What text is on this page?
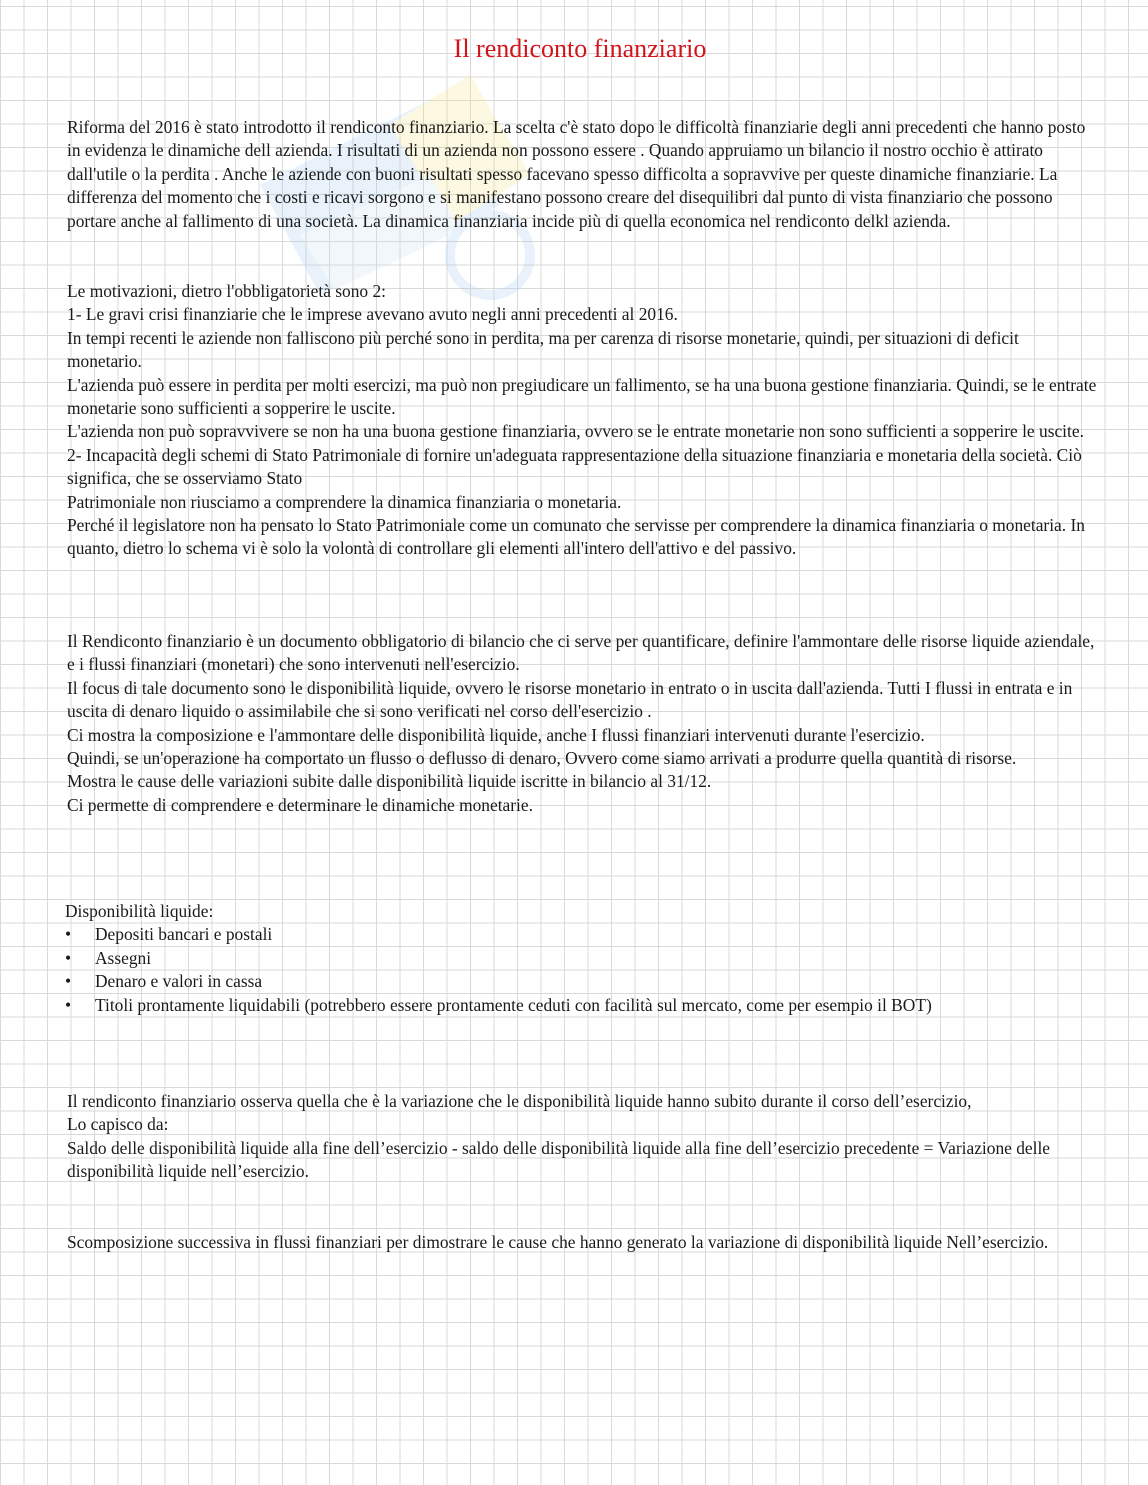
Il rendiconto finanziario

Riforma del 2016 è stato introdotto il rendiconto finanziario. La scelta c'è stato dopo le difficoltà finanziarie degli anni precedenti che hanno posto in evidenza le dinamiche dell azienda. I risultati di un azienda non possono essere . Quando appruiamo un bilancio il nostro occhio è attirato dall'utile o la perdita . Anche le aziende con buoni risultati spesso facevano spesso difficolta a sopravvive per queste dinamiche finanziarie. La differenza del momento che i costi e ricavi sorgono e si manifestano possono creare del disequilibri dal punto di vista finanziario che possono portare anche al fallimento di una società. La dinamica finanziaria incide più di quella economica nel rendiconto delkl azienda.

Le motivazioni, dietro l'obbligatorietà sono 2:

1- Le gravi crisi finanziarie che le imprese avevano avuto negli anni precedenti al 2016.

In tempi recenti le aziende non falliscono più perché sono in perdita, ma per carenza di risorse monetarie, quindi, per situazioni di deficit monetario.

L'azienda può essere in perdita per molti esercizi, ma può non pregiudicare un fallimento, se ha una buona gestione finanziaria. Quindi, se le entrate monetarie sono sufficienti a sopperire le uscite.

L'azienda non può sopravvivere se non ha una buona gestione finanziaria, ovvero se le entrate monetarie non sono sufficienti a sopperire le uscite.

2- Incapacità degli schemi di Stato Patrimoniale di fornire un'adeguata rappresentazione della situazione finanziaria e monetaria della società. Ciò significa, che se osserviamo Stato

Patrimoniale non riusciamo a comprendere la dinamica finanziaria o monetaria.

Perché il legislatore non ha pensato lo Stato Patrimoniale come un comunato che servisse per comprendere la dinamica finanziaria o monetaria. In quanto, dietro lo schema vi è solo la volontà di controllare gli elementi all'intero dell'attivo e del passivo.

Il Rendiconto finanziario è un documento obbligatorio di bilancio che ci serve per quantificare, definire l'ammontare delle risorse liquide aziendale, e i flussi finanziari (monetari) che sono intervenuti nell'esercizio.

Il focus di tale documento sono le disponibilità liquide, ovvero le risorse monetario in entrato o in uscita dall'azienda. Tutti I flussi in entrata e in uscita di denaro liquido o assimilabile che si sono verificati nel corso dell'esercizio .

Ci mostra la composizione e l'ammontare delle disponibilità liquide, anche I flussi finanziari intervenuti durante l'esercizio.

Quindi, se un'operazione ha comportato un flusso o deflusso di denaro, Ovvero come siamo arrivati a produrre quella quantità di risorse.

Mostra le cause delle variazioni subite dalle disponibilità liquide iscritte in bilancio al 31/12.

Ci permette di comprendere e determinare le dinamiche monetarie.

Disponibilità liquide:

• Depositi bancari e postali
• Assegni
• Denaro e valori in cassa
• Titoli prontamente liquidabili (potrebbero essere prontamente ceduti con facilità sul mercato, come per esempio il BOT)

Il rendiconto finanziario osserva quella che è la variazione che le disponibilità liquide hanno subito durante il corso dell’esercizio,

Lo capisco da:

Saldo delle disponibilità liquide alla fine dell’esercizio - saldo delle disponibilità liquide alla fine dell’esercizio precedente = Variazione delle disponibilità liquide nell’esercizio.

Scomposizione successiva in flussi finanziari per dimostrare le cause che hanno generato la variazione di disponibilità liquide Nell’esercizio.
